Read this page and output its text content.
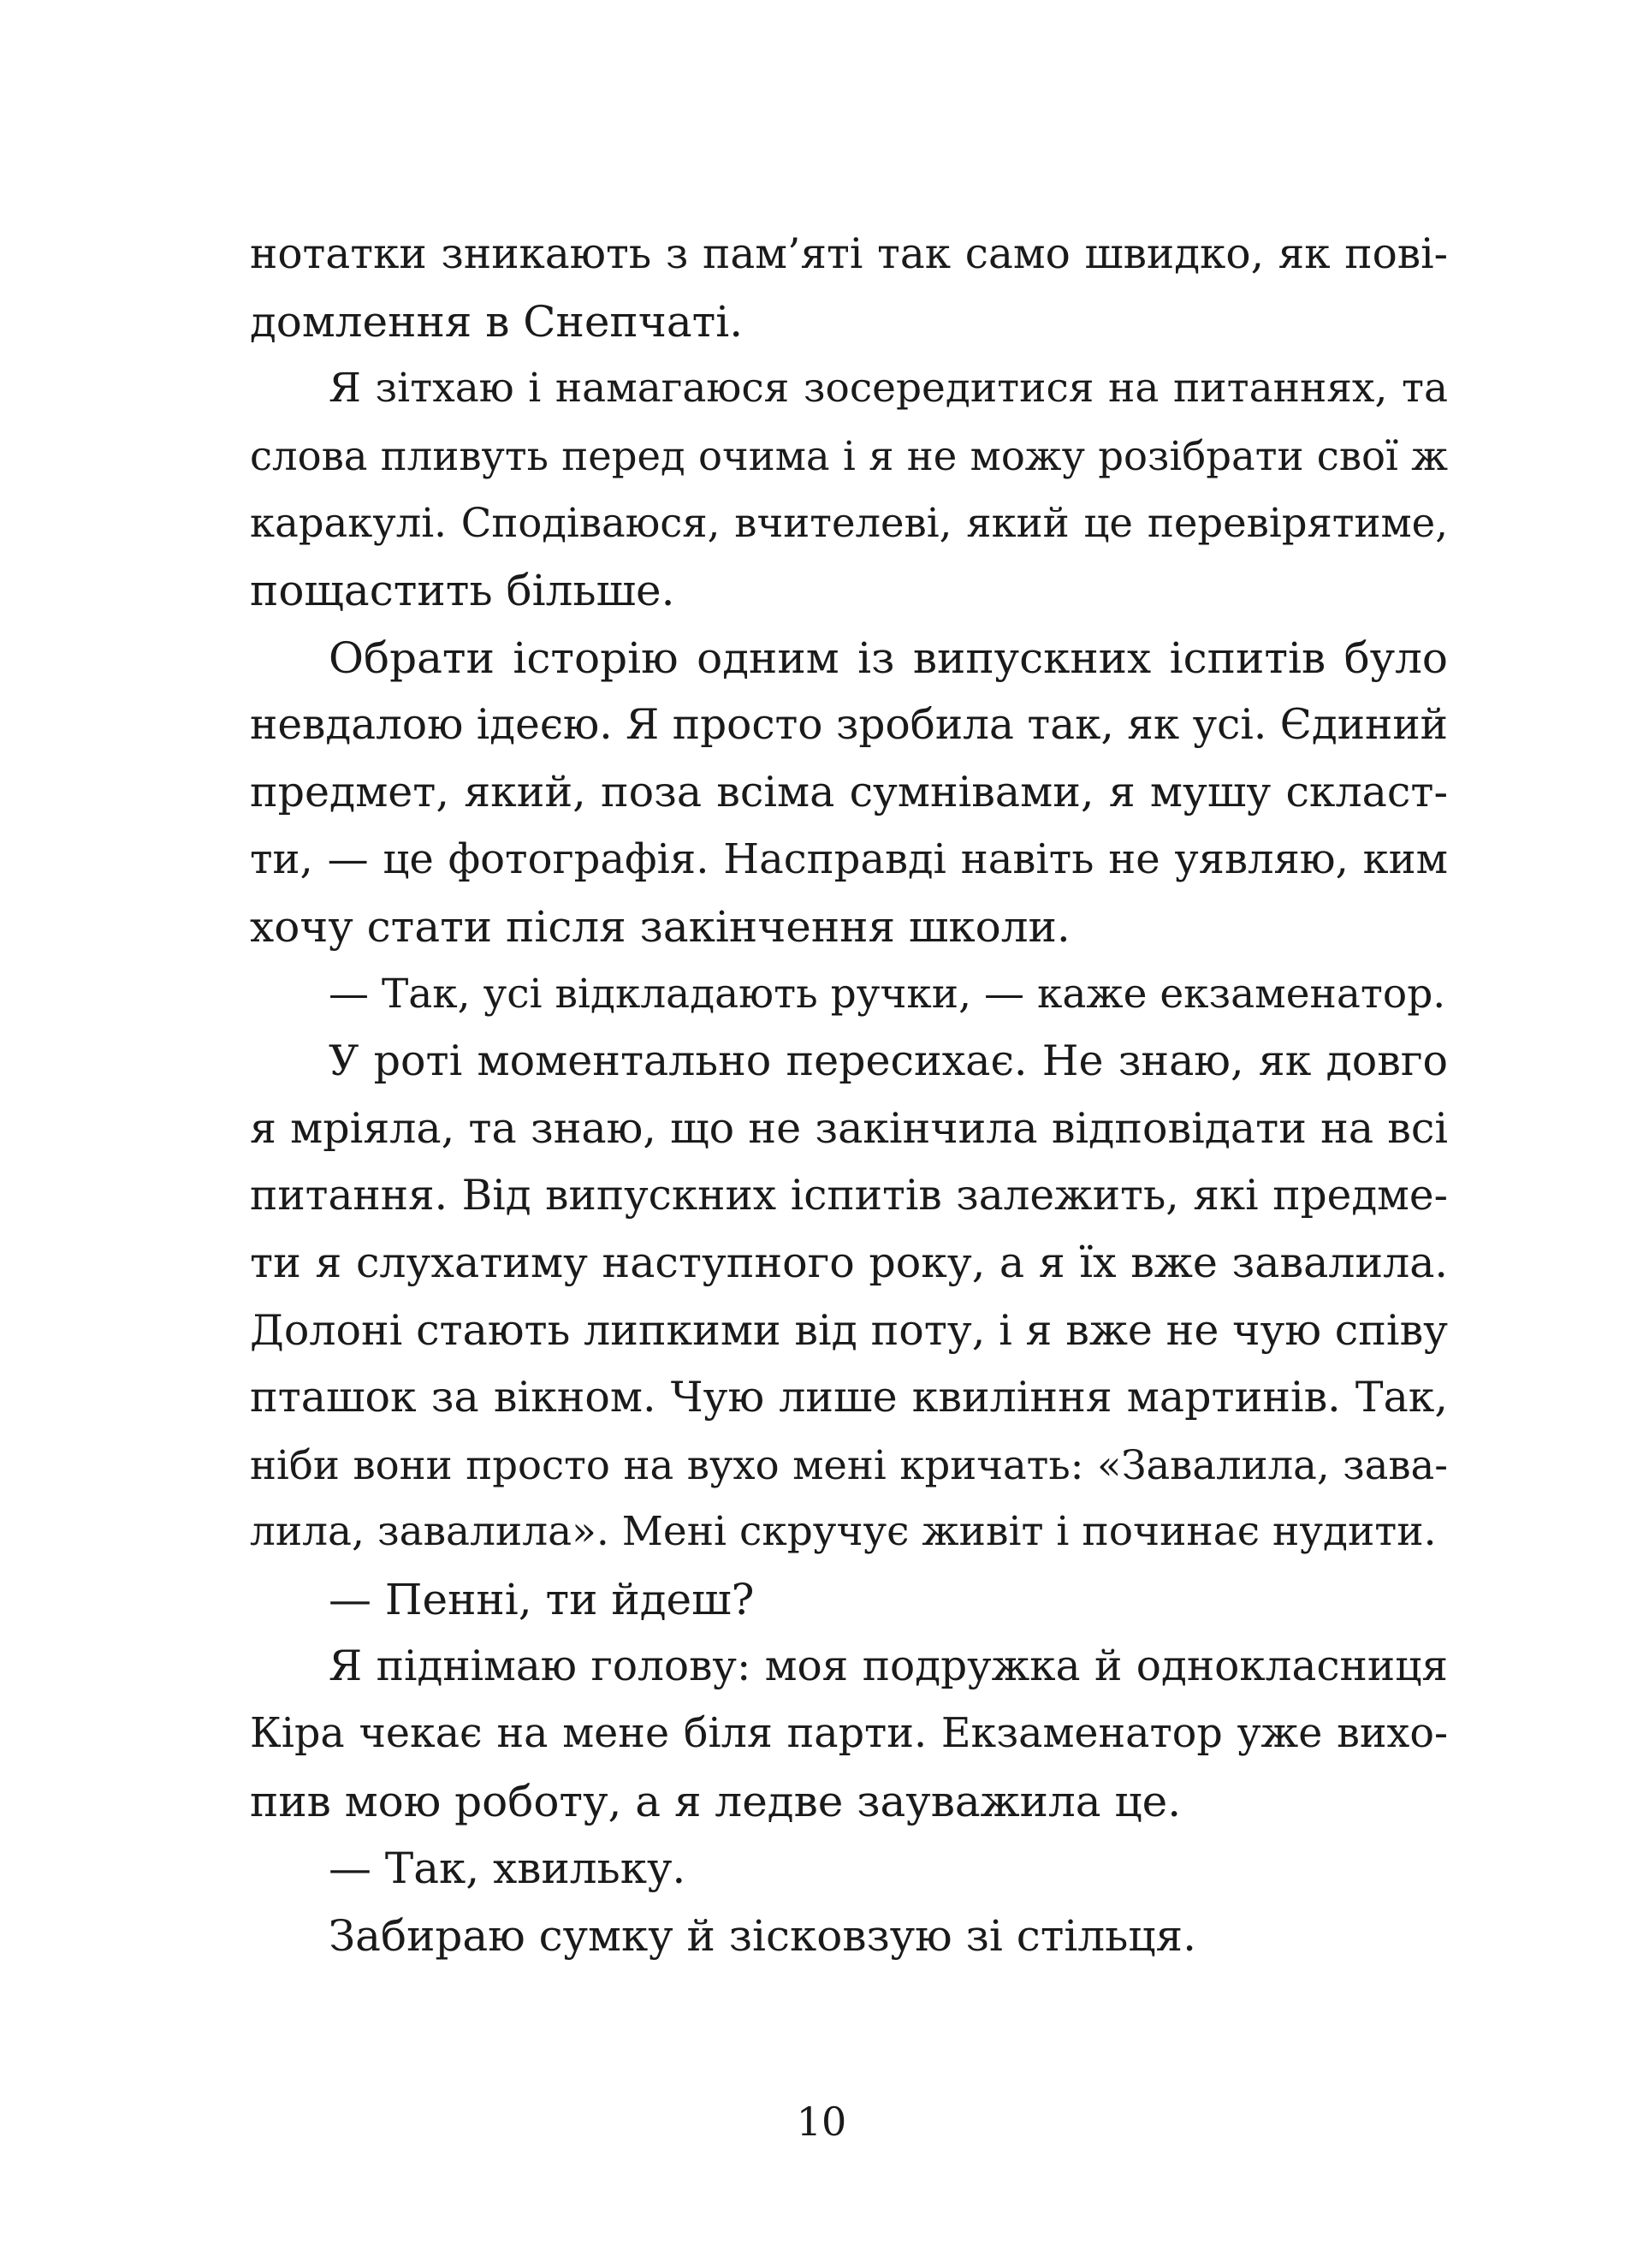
нотатки зникають з пам’яті так само швидко, як пові-
домлення в Снепчаті.
Я зітхаю і намагаюся зосередитися на питаннях, та
слова пливуть перед очима і я не можу розібрати свої ж
каракулі. Сподіваюся, вчителеві, який це перевірятиме,
пощастить більше.
Обрати історію одним із випускних іспитів було
невдалою ідеєю. Я просто зробила так, як усі. Єдиний
предмет, який, поза всіма сумнівами, я мушу скласт-
ти, — це фотографія. Насправді навіть не уявляю, ким
хочу стати після закінчення школи.
— Так, усі відкладають ручки, — каже екзаменатор.
У роті моментально пересихає. Не знаю, як довго
я мріяла, та знаю, що не закінчила відповідати на всі
питання. Від випускних іспитів залежить, які предме-
ти я слухатиму наступного року, а я їх вже завалила.
Долоні стають липкими від поту, і я вже не чую співу
пташок за вікном. Чую лише квиління мартинів. Так,
ніби вони просто на вухо мені кричать: «Завалила, зава-
лила, завалила». Мені скручує живіт і починає нудити.
— Пенні, ти йдеш?
Я піднімаю голову: моя подружка й однокласниця
Кіра чекає на мене біля парти. Екзаменатор уже вихо-
пив мою роботу, а я ледве зауважила це.
— Так, хвильку.
Забираю сумку й зісковзую зі стільця.
10
